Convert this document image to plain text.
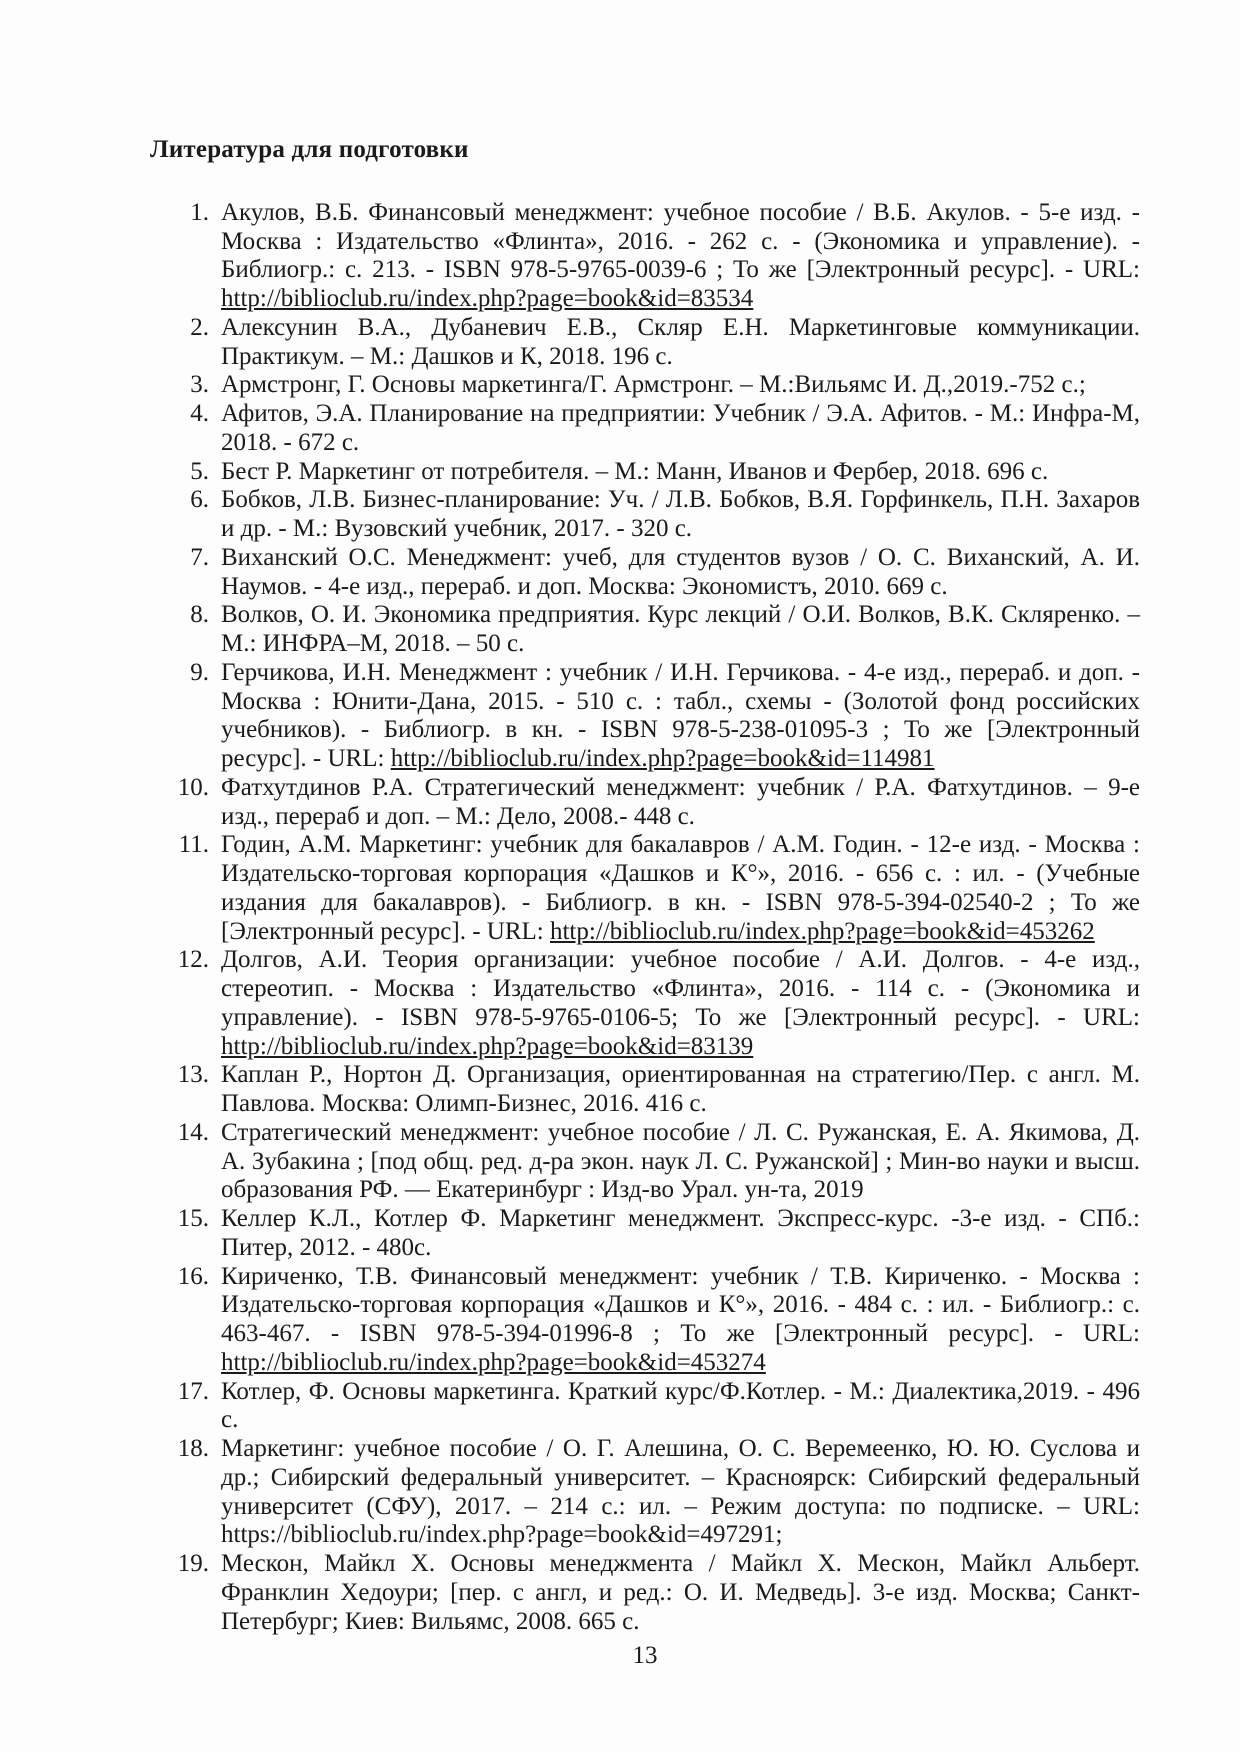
Литература для подготовки
1. Акулов, В.Б. Финансовый менеджмент: учебное пособие / В.Б. Акулов. - 5-е изд. - Москва : Издательство «Флинта», 2016. - 262 с. - (Экономика и управление). - Библиогр.: с. 213. - ISBN 978-5-9765-0039-6 ; То же [Электронный ресурс]. - URL: http://biblioclub.ru/index.php?page=book&id=83534
2. Алексунин В.А., Дубаневич Е.В., Скляр Е.Н. Маркетинговые коммуникации. Практикум. – М.: Дашков и К, 2018. 196 с.
3. Армстронг, Г. Основы маркетинга/Г. Армстронг. – М.:Вильямс И. Д.,2019.-752 с.;
4. Афитов, Э.А. Планирование на предприятии: Учебник / Э.А. Афитов. - М.: Инфра-М, 2018. - 672 с.
5. Бест Р. Маркетинг от потребителя. – М.: Манн, Иванов и Фербер, 2018. 696 с.
6. Бобков, Л.В. Бизнес-планирование: Уч. / Л.В. Бобков, В.Я. Горфинкель, П.Н. Захаров и др. - М.: Вузовский учебник, 2017. - 320 с.
7. Виханский О.С. Менеджмент: учеб, для студентов вузов / О. С. Виханский, А. И. Наумов. - 4-е изд., перераб. и доп. Москва: Экономистъ, 2010. 669 с.
8. Волков, О. И. Экономика предприятия. Курс лекций / О.И. Волков, В.К. Скляренко. – М.: ИНФРА–М, 2018. – 50 с.
9. Герчикова, И.Н. Менеджмент : учебник / И.Н. Герчикова. - 4-е изд., перераб. и доп. - Москва : Юнити-Дана, 2015. - 510 с. : табл., схемы - (Золотой фонд российских учебников). - Библиогр. в кн. - ISBN 978-5-238-01095-3 ; То же [Электронный ресурс]. - URL: http://biblioclub.ru/index.php?page=book&id=114981
10. Фатхутдинов Р.А. Стратегический менеджмент: учебник / Р.А. Фатхутдинов. – 9-е изд., перераб и доп. – М.: Дело, 2008.- 448 с.
11. Годин, А.М. Маркетинг: учебник для бакалавров / А.М. Годин. - 12-е изд. - Москва : Издательско-торговая корпорация «Дашков и К°», 2016. - 656 с. : ил. - (Учебные издания для бакалавров). - Библиогр. в кн. - ISBN 978-5-394-02540-2 ; То же [Электронный ресурс]. - URL: http://biblioclub.ru/index.php?page=book&id=453262
12. Долгов, А.И. Теория организации: учебное пособие / А.И. Долгов. - 4-е изд., стереотип. - Москва : Издательство «Флинта», 2016. - 114 с. - (Экономика и управление). - ISBN 978-5-9765-0106-5; То же [Электронный ресурс]. - URL: http://biblioclub.ru/index.php?page=book&id=83139
13. Каплан Р., Нортон Д. Организация, ориентированная на стратегию/Пер. с англ. М. Павлова. Москва: Олимп-Бизнес, 2016. 416 с.
14. Стратегический менеджмент: учебное пособие / Л. С. Ружанская, Е. А. Якимова, Д. А. Зубакина ; [под общ. ред. д-ра экон. наук Л. С. Ружанской] ; Мин-во науки и высш. образования РФ. — Екатеринбург : Изд-во Урал. ун-та, 2019
15. Келлер К.Л., Котлер Ф. Маркетинг менеджмент. Экспресс-курс. -3-е изд. - СПб.: Питер, 2012. - 480с.
16. Кириченко, Т.В. Финансовый менеджмент: учебник / Т.В. Кириченко. - Москва : Издательско-торговая корпорация «Дашков и К°», 2016. - 484 с. : ил. - Библиогр.: с. 463-467. - ISBN 978-5-394-01996-8 ; То же [Электронный ресурс]. - URL: http://biblioclub.ru/index.php?page=book&id=453274
17. Котлер, Ф. Основы маркетинга. Краткий курс/Ф.Котлер. - М.: Диалектика,2019. - 496 с.
18. Маркетинг: учебное пособие / О. Г. Алешина, О. С. Веремеенко, Ю. Ю. Суслова и др.; Сибирский федеральный университет. – Красноярск: Сибирский федеральный университет (СФУ), 2017. – 214 с.: ил. – Режим доступа: по подписке. – URL: https://biblioclub.ru/index.php?page=book&id=497291;
19. Мескон, Майкл Х. Основы менеджмента / Майкл Х. Мескон, Майкл Альберт. Франклин Хедоури; [пер. с англ, и ред.: О. И. Медведь]. 3-е изд. Москва; Санкт-Петербург; Киев: Вильямс, 2008. 665 с.
13
